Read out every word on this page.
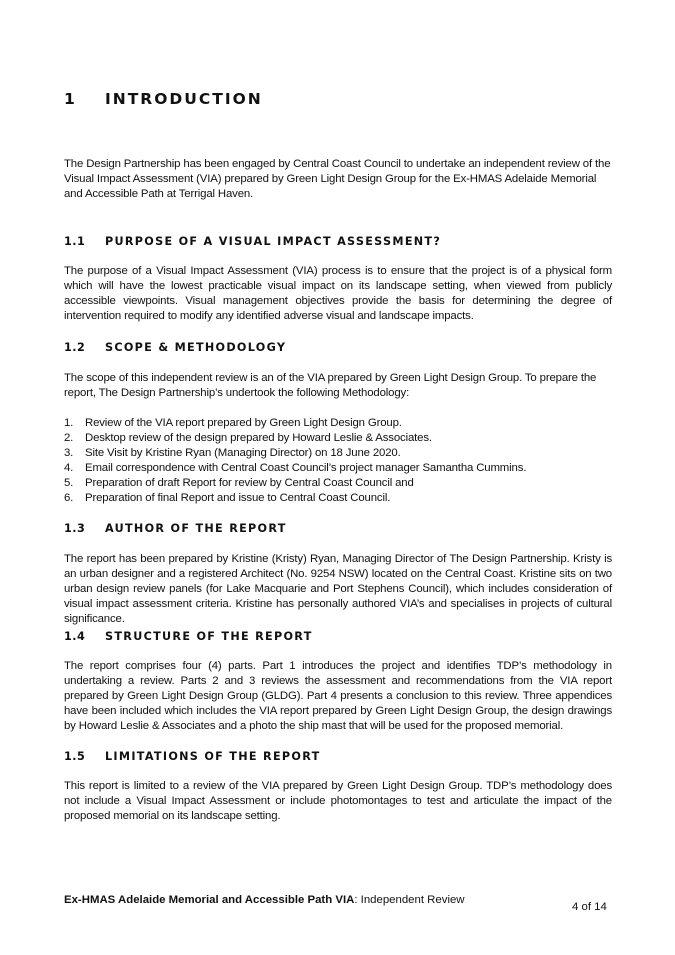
1 INTRODUCTION

The Design Partnership has been engaged by Central Coast Council to undertake an independent review of the Visual Impact Assessment (VIA) prepared by Green Light Design Group for the Ex-HMAS Adelaide Memorial and Accessible Path at Terrigal Haven.

1.1 PURPOSE OF A VISUAL IMPACT ASSESSMENT?

The purpose of a Visual Impact Assessment (VIA) process is to ensure that the project is of a physical form which will have the lowest practicable visual impact on its landscape setting, when viewed from publicly accessible viewpoints. Visual management objectives provide the basis for determining the degree of intervention required to modify any identified adverse visual and landscape impacts.

1.2 SCOPE & METHODOLOGY

The scope of this independent review is an of the VIA prepared by Green Light Design Group. To prepare the report, The Design Partnership’s undertook the following Methodology:

1. Review of the VIA report prepared by Green Light Design Group.
2. Desktop review of the design prepared by Howard Leslie & Associates.
3. Site Visit by Kristine Ryan (Managing Director) on 18 June 2020.
4. Email correspondence with Central Coast Council’s project manager Samantha Cummins.
5. Preparation of draft Report for review by Central Coast Council and
6. Preparation of final Report and issue to Central Coast Council.
1.3 AUTHOR OF THE REPORT

The report has been prepared by Kristine (Kristy) Ryan, Managing Director of The Design Partnership. Kristy is an urban designer and a registered Architect (No. 9254 NSW) located on the Central Coast. Kristine sits on two urban design review panels (for Lake Macquarie and Port Stephens Council), which includes consideration of visual impact assessment criteria. Kristine has personally authored VIA’s and specialises in projects of cultural significance.

1.4 STRUCTURE OF THE REPORT

The report comprises four (4) parts. Part 1 introduces the project and identifies TDP’s methodology in undertaking a review. Parts 2 and 3 reviews the assessment and recommendations from the VIA report prepared by Green Light Design Group (GLDG). Part 4 presents a conclusion to this review. Three appendices have been included which includes the VIA report prepared by Green Light Design Group, the design drawings by Howard Leslie & Associates and a photo the ship mast that will be used for the proposed memorial.

1.5 LIMITATIONS OF THE REPORT

This report is limited to a review of the VIA prepared by Green Light Design Group. TDP’s methodology does not include a Visual Impact Assessment or include photomontages to test and articulate the impact of the proposed memorial on its landscape setting.

Ex-HMAS Adelaide Memorial and Accessible Path VIA: Independent Review
4 of 14
